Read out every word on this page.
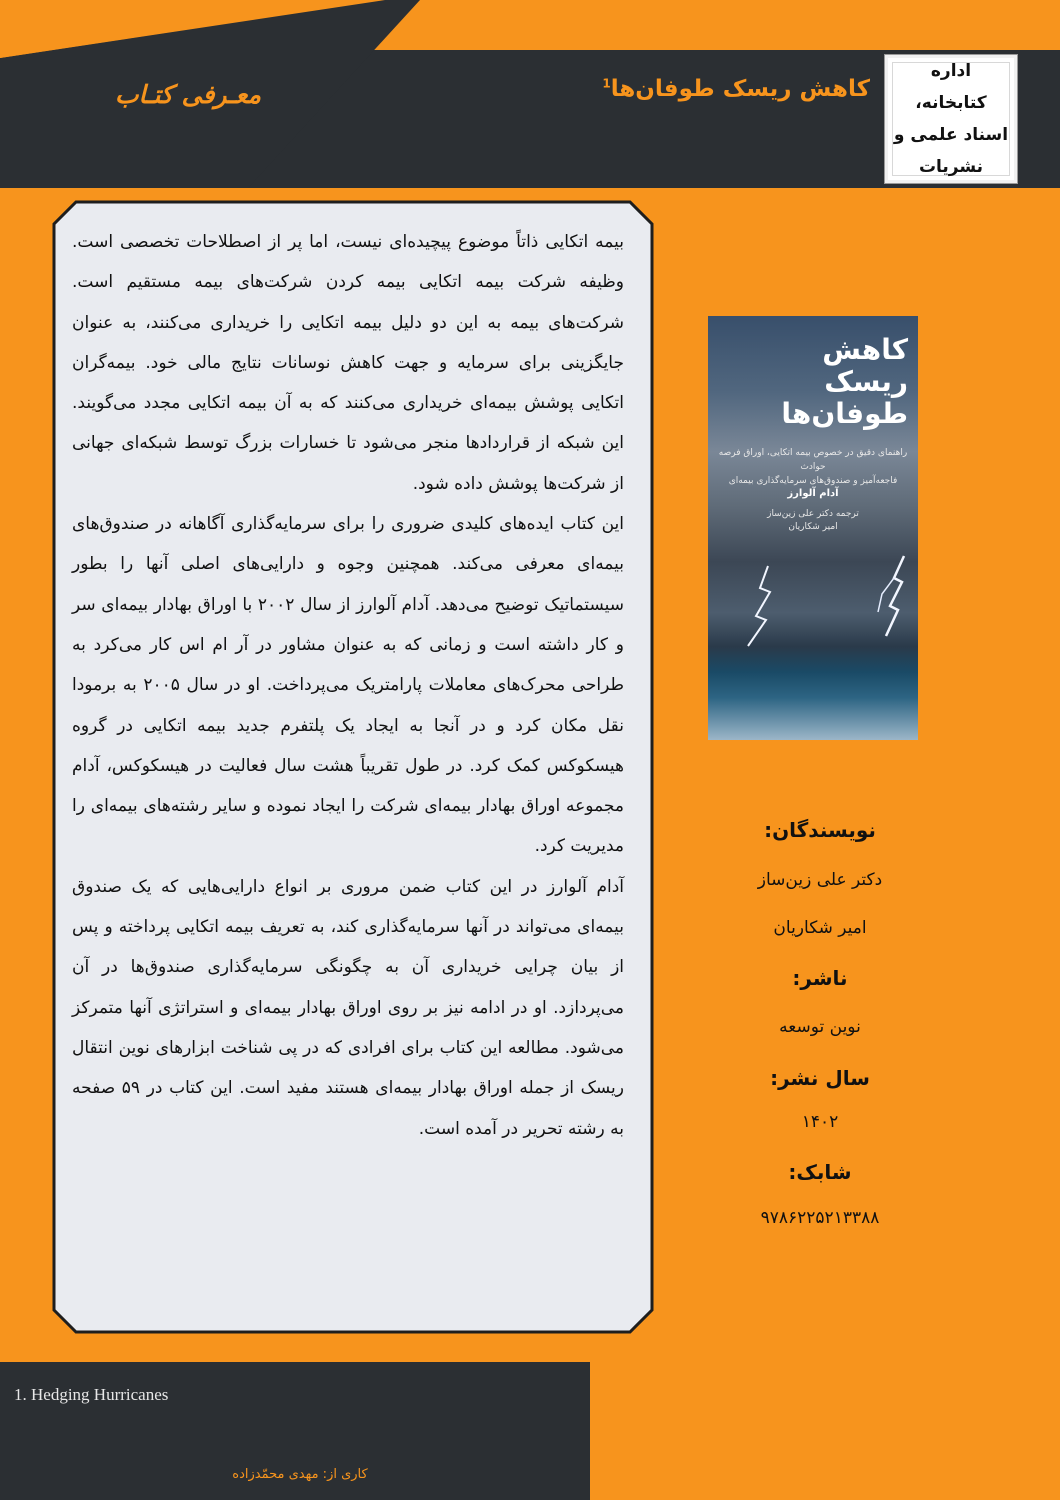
اداره کتابخانه،
اسناد علمی و
نشریات
کاهش ریسک طوفان‌ها$^1$
معـرفی کتـاب

بیمه اتکایی ذاتاً موضوع پیچیده‌ای نیست، اما پر از اصطلاحات تخصصی است. وظیفه شرکت بیمه اتکایی بیمه کردن شرکت‌های بیمه مستقیم است. شرکت‌های بیمه به این دو دلیل بیمه اتکایی را خریداری می‌کنند، به عنوان جایگزینی برای سرمایه و جهت کاهش نوسانات نتایج مالی خود. بیمه‌گران اتکایی پوشش بیمه‌ای خریداری می‌کنند که به آن بیمه اتکایی مجدد می‌گویند. این شبکه از قراردادها منجر می‌شود تا خسارات بزرگ توسط شبکه‌ای جهانی از شرکت‌ها پوشش داده شود.

این کتاب ایده‌های کلیدی ضروری را برای سرمایه‌گذاری آگاهانه در صندوق‌های بیمه‌ای معرفی می‌کند. همچنین وجوه و دارایی‌های اصلی آنها را بطور سیستماتیک توضیح می‌دهد. آدام آلوارز از سال ۲۰۰۲ با اوراق بهادار بیمه‌ای سر و کار داشته است و زمانی که به عنوان مشاور در آر ام اس کار می‌کرد به طراحی محرک‌های معاملات پارامتریک می‌پرداخت. او در سال ۲۰۰۵ به برمودا نقل مکان کرد و در آنجا به ایجاد یک پلتفرم جدید بیمه اتکایی در گروه هیسکوکس کمک کرد. در طول تقریباً هشت سال فعالیت در هیسکوکس، آدام مجموعه اوراق بهادار بیمه‌ای شرکت را ایجاد نموده و سایر رشته‌های بیمه‌ای را مدیریت کرد.

آدام آلوارز در این کتاب ضمن مروری بر انواع دارایی‌هایی که یک صندوق بیمه‌ای می‌تواند در آنها سرمایه‌گذاری کند، به تعریف بیمه اتکایی پرداخته و پس از بیان چرایی خریداری آن به چگونگی سرمایه‌گذاری صندوق‌ها در آن می‌پردازد. او در ادامه نیز بر روی اوراق بهادار بیمه‌ای و استراتژی آنها متمرکز می‌شود. مطالعه این کتاب برای افرادی که در پی شناخت ابزارهای نوین انتقال ریسک از جمله اوراق بهادار بیمه‌ای هستند مفید است. این کتاب در ۵۹ صفحه به رشته تحریر در آمده است.

کاهش
ریسک
طوفان‌ها
راهنمای دقیق در خصوص بیمه اتکایی، اوراق فرصه حوادث
فاجعه‌آمیز و صندوق‌های سرمایه‌گذاری بیمه‌ای
آدام آلوارز
ترجمه دکتر علی زین‌ساز
امیر شکاریان
نویسندگان:
دکتر علی زین‌ساز
امیر شکاریان
ناشر:
نوین توسعه
سال نشر:
۱۴۰۲
شابک:
۹۷۸۶۲۲۵۲۱۳۳۸۸
1. Hedging Hurricanes
کاری از: مهدی محمّدزاده
